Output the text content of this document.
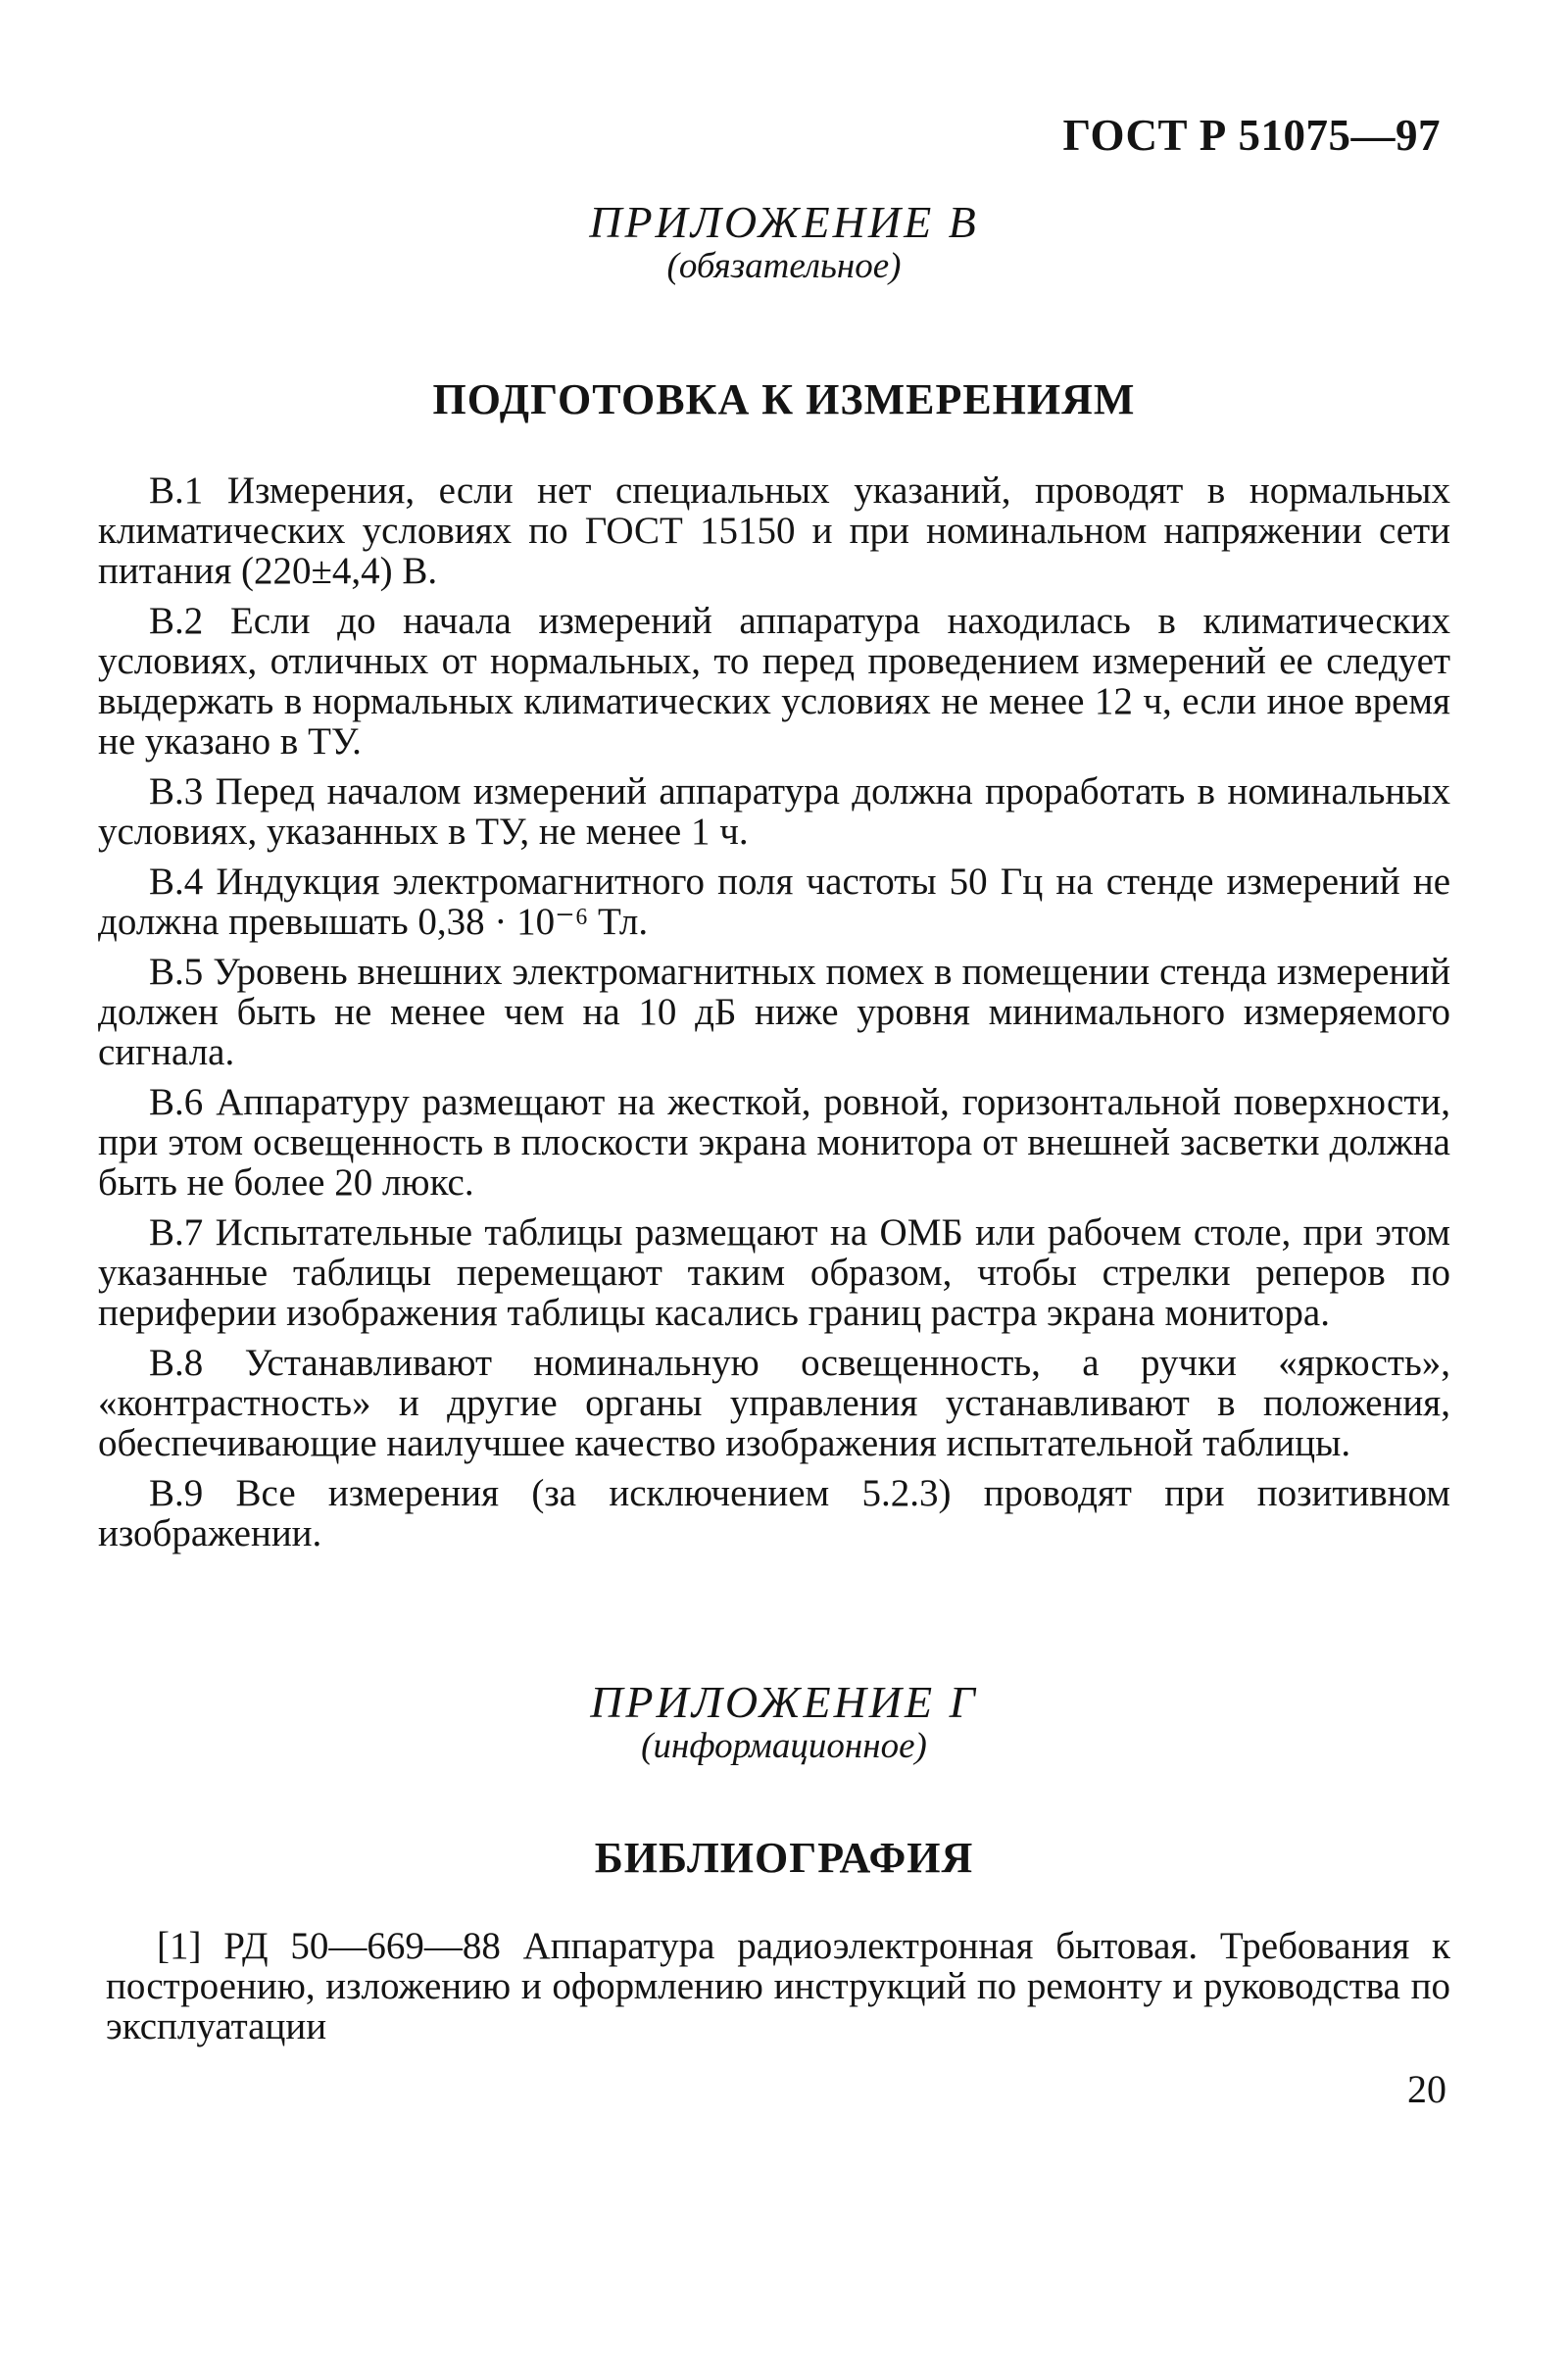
ГОСТ Р 51075—97
ПРИЛОЖЕНИЕ В
(обязательное)
ПОДГОТОВКА К ИЗМЕРЕНИЯМ

В.1 Измерения, если нет специальных указаний, проводят в нормальных климатических условиях по ГОСТ 15150 и при номинальном напряжении сети питания (220±4,4) В.

В.2 Если до начала измерений аппаратура находилась в климатических условиях, отличных от нормальных, то перед проведением измерений ее следует выдержать в нормальных климатических условиях не менее 12 ч, если иное время не указано в ТУ.

В.3 Перед началом измерений аппаратура должна проработать в номинальных условиях, указанных в ТУ, не менее 1 ч.

В.4 Индукция электромагнитного поля частоты 50 Гц на стенде измерений не должна превышать 0,38 · 10⁻⁶ Тл.

В.5 Уровень внешних электромагнитных помех в помещении стенда измерений должен быть не менее чем на 10 дБ ниже уровня минимального измеряемого сигнала.

В.6 Аппаратуру размещают на жесткой, ровной, горизонтальной поверхности, при этом освещенность в плоскости экрана монитора от внешней засветки должна быть не более 20 люкс.

В.7 Испытательные таблицы размещают на ОМБ или рабочем столе, при этом указанные таблицы перемещают таким образом, чтобы стрелки реперов по периферии изображения таблицы касались границ растра экрана монитора.

В.8 Устанавливают номинальную освещенность, а ручки «яркость», «контрастность» и другие органы управления устанавливают в положения, обеспечивающие наилучшее качество изображения испытательной таблицы.

В.9 Все измерения (за исключением 5.2.3) проводят при позитивном изображении.

ПРИЛОЖЕНИЕ Г
(информационное)
БИБЛИОГРАФИЯ

[1] РД 50—669—88 Аппаратура радиоэлектронная бытовая. Требования к построению, изложению и оформлению инструкций по ремонту и руководства по эксплуатации

20
